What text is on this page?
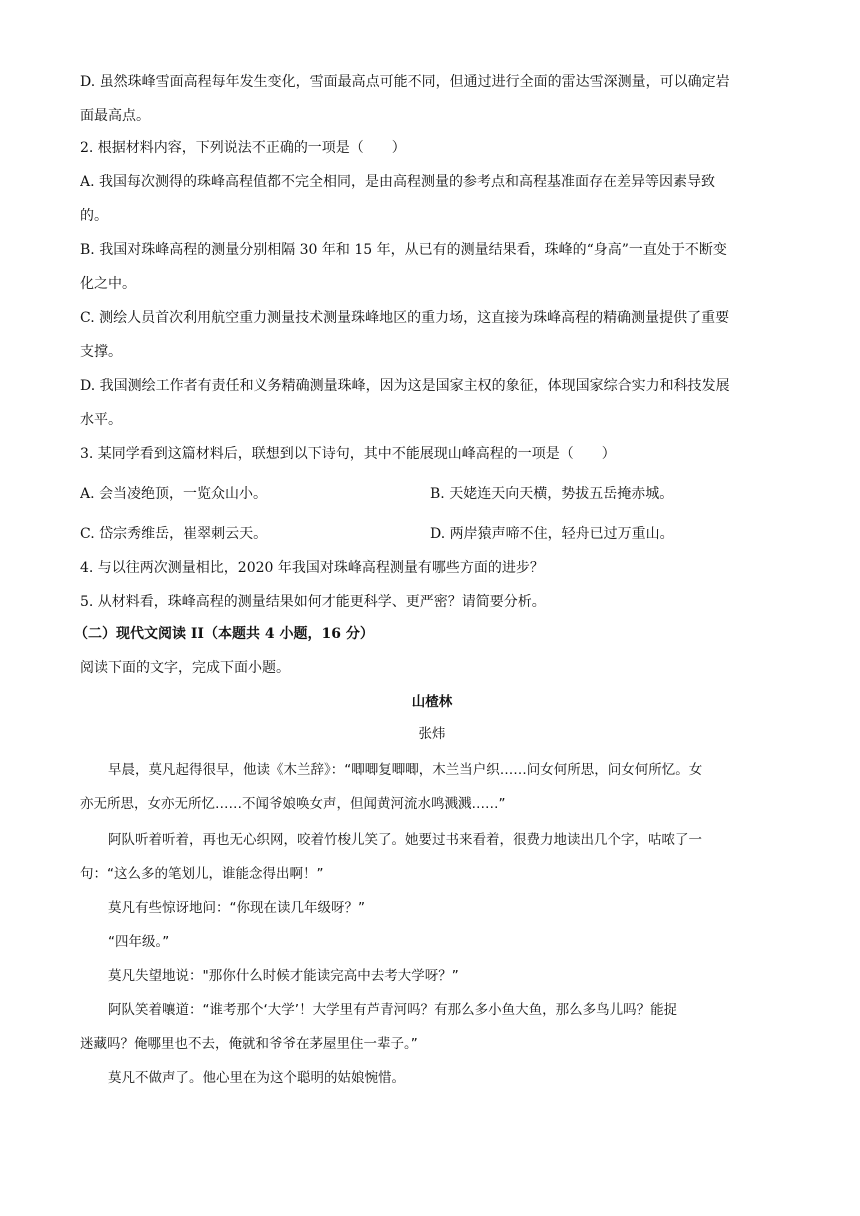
D. 虽然珠峰雪面高程每年发生变化，雪面最高点可能不同，但通过进行全面的雷达雪深测量，可以确定岩
面最高点。
2. 根据材料内容，下列说法不正确的一项是（　　）
A. 我国每次测得的珠峰高程值都不完全相同，是由高程测量的参考点和高程基准面存在差异等因素导致
的。
B. 我国对珠峰高程的测量分别相隔 30 年和 15 年，从已有的测量结果看，珠峰的“身高”一直处于不断变
化之中。
C. 测绘人员首次利用航空重力测量技术测量珠峰地区的重力场，这直接为珠峰高程的精确测量提供了重要
支撑。
D. 我国测绘工作者有责任和义务精确测量珠峰，因为这是国家主权的象征，体现国家综合实力和科技发展
水平。
3. 某同学看到这篇材料后，联想到以下诗句，其中不能展现山峰高程的一项是（　　）
A. 会当凌绝顶，一览众山小。	B. 天姥连天向天横，势拔五岳掩赤城。
C. 岱宗秀维岳，崔翠刺云天。	D. 两岸猿声啼不住，轻舟已过万重山。
4. 与以往两次测量相比，2020 年我国对珠峰高程测量有哪些方面的进步？
5. 从材料看，珠峰高程的测量结果如何才能更科学、更严密？请简要分析。
（二）现代文阅读 II（本题共 4 小题，16 分）
阅读下面的文字，完成下面小题。
山楂林
张炜
早晨，莫凡起得很早，他读《木兰辞》：“唧唧复唧唧，木兰当户织……问女何所思，问女何所忆。女
亦无所思，女亦无所忆……不闻爷娘唤女声，但闻黄河流水鸣溅溅……”
阿队听着听着，再也无心织网，咬着竹梭儿笑了。她要过书来看着，很费力地读出几个字，咕哝了一
句：“这么多的笔划儿，谁能念得出啊！”
莫凡有些惊讶地问：“你现在读几年级呀？”
“四年级。”
莫凡失望地说："那你什么时候才能读完高中去考大学呀？”
阿队笑着嚷道：“谁考那个‘大学’！大学里有芦青河吗？有那么多小鱼大鱼，那么多鸟儿吗？能捉
迷藏吗？俺哪里也不去，俺就和爷爷在茅屋里住一辈子。”
莫凡不做声了。他心里在为这个聪明的姑娘惋惜。
